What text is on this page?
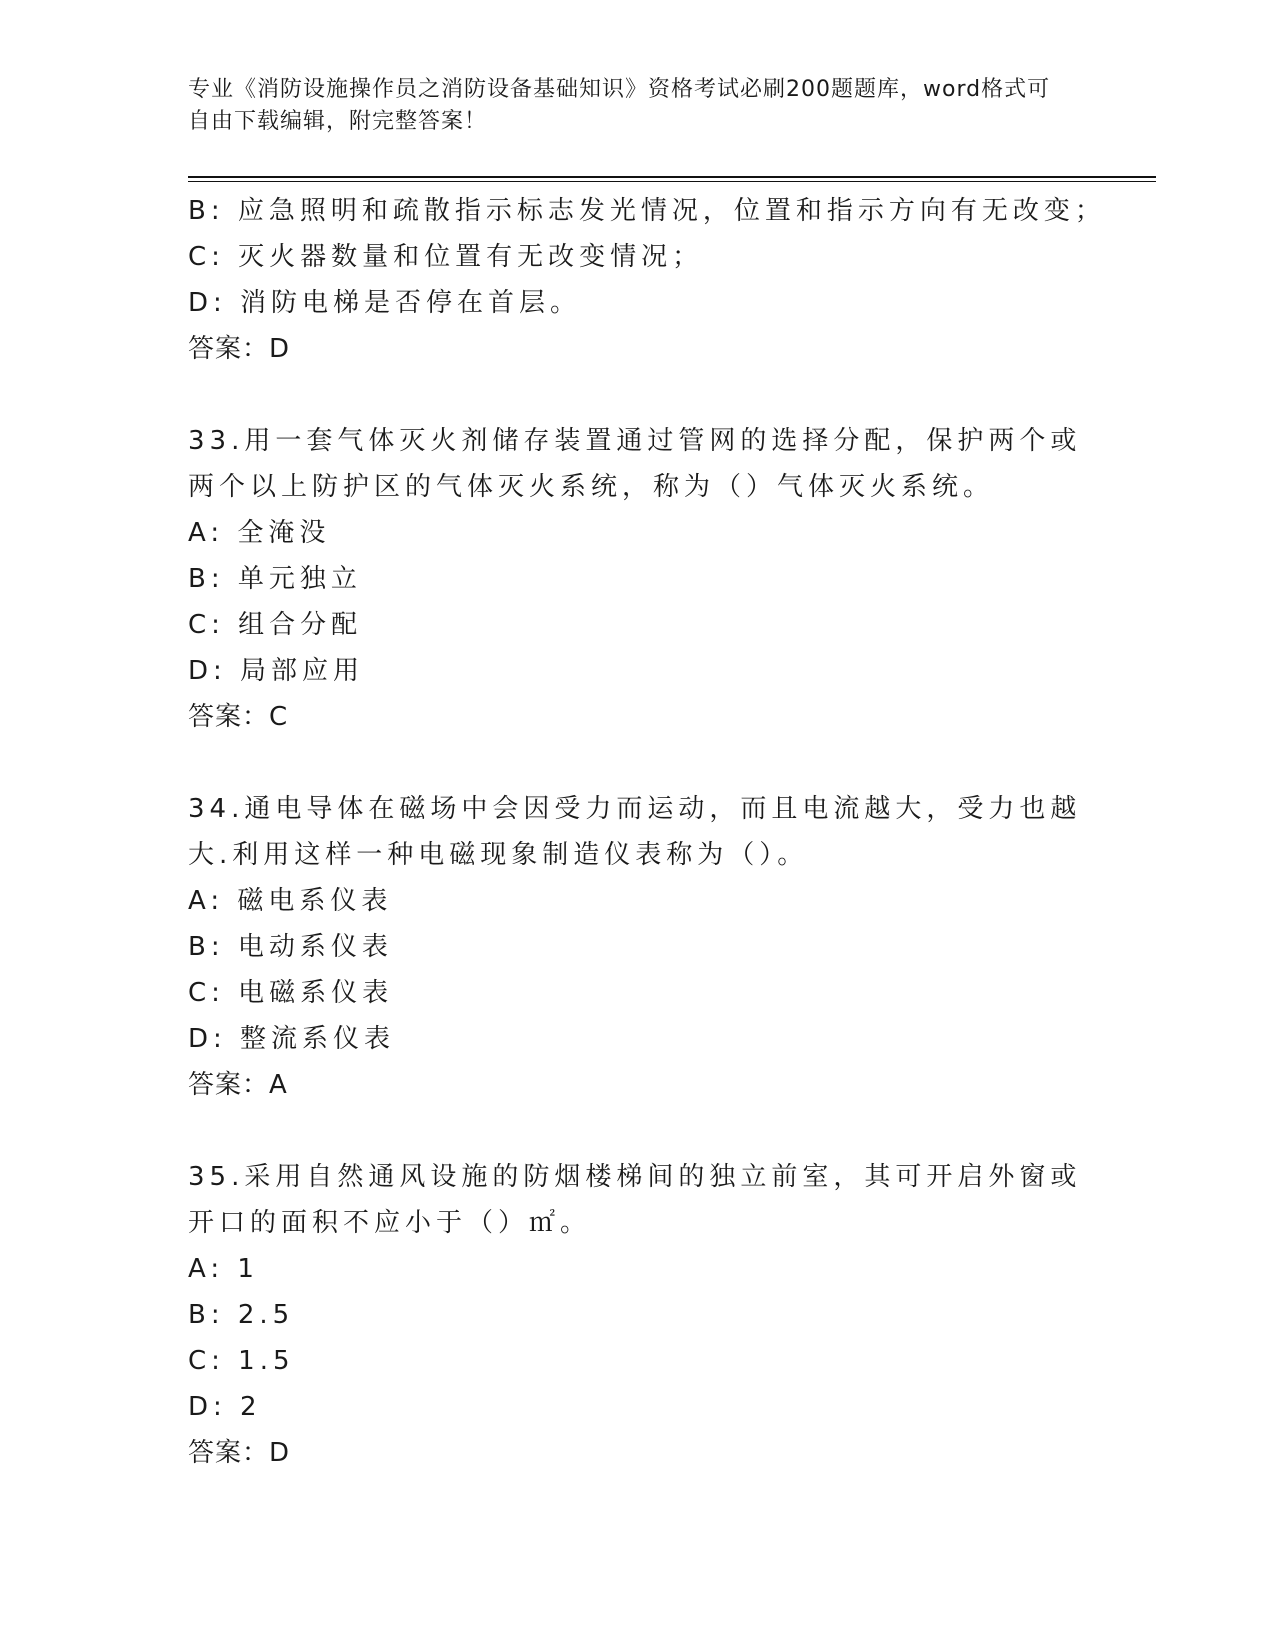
专业《消防设施操作员之消防设备基础知识》资格考试必刷200题题库，word格式可自由下载编辑，附完整答案！
B: 应急照明和疏散指示标志发光情况，位置和指示方向有无改变；
C: 灭火器数量和位置有无改变情况；
D: 消防电梯是否停在首层。
答案：D
33.用一套气体灭火剂储存装置通过管网的选择分配，保护两个或两个以上防护区的气体灭火系统，称为（）气体灭火系统。
A: 全淹没
B: 单元独立
C: 组合分配
D: 局部应用
答案：C
34.通电导体在磁场中会因受力而运动，而且电流越大，受力也越大.利用这样一种电磁现象制造仪表称为（）。
A: 磁电系仪表
B: 电动系仪表
C: 电磁系仪表
D: 整流系仪表
答案：A
35.采用自然通风设施的防烟楼梯间的独立前室，其可开启外窗或开口的面积不应小于（）㎡。
A: 1
B: 2.5
C: 1.5
D: 2
答案：D
